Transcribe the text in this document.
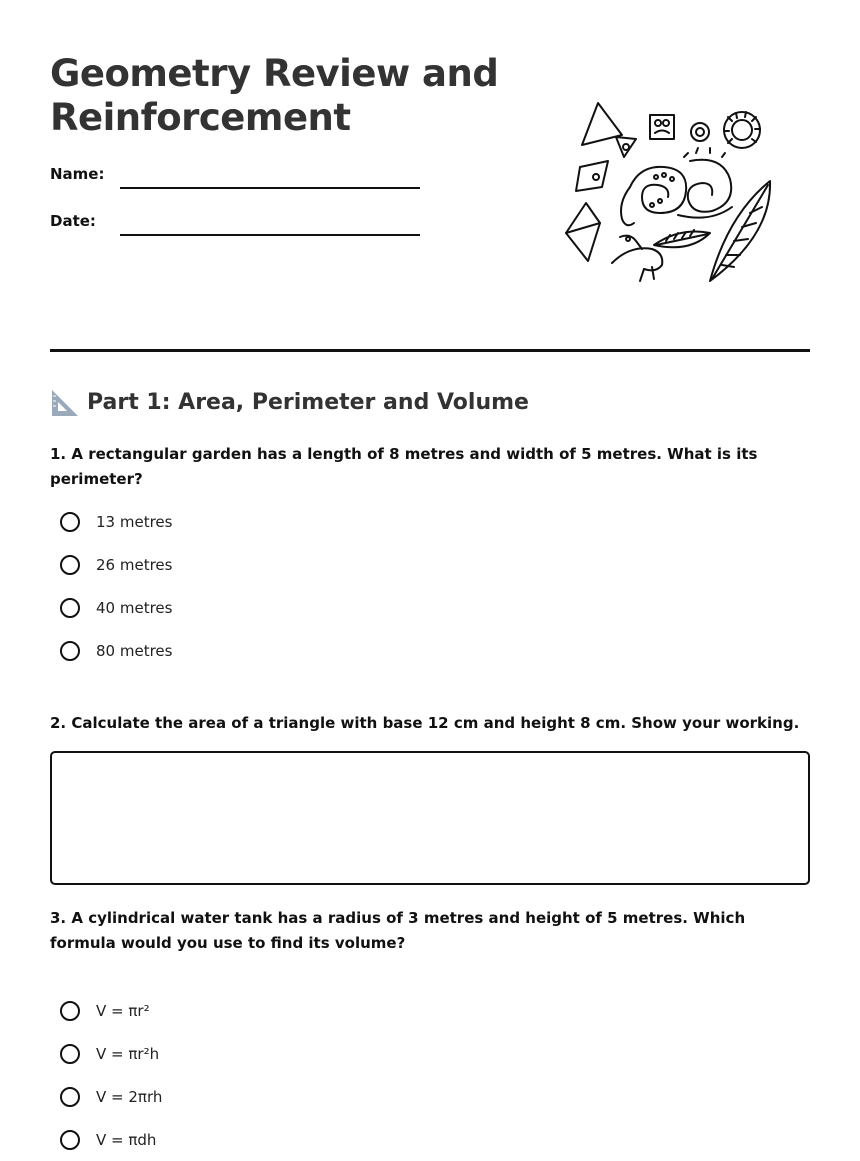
Geometry Review and Reinforcement
Name:
Date:
Part 1: Area, Perimeter and Volume

1. A rectangular garden has a length of 8 metres and width of 5 metres. What is its perimeter?

13 metres
26 metres
40 metres
80 metres

2. Calculate the area of a triangle with base 12 cm and height 8 cm. Show your working.

3. A cylindrical water tank has a radius of 3 metres and height of 5 metres. Which formula would you use to find its volume?

V = πr²
V = πr²h
V = 2πrh
V = πdh
